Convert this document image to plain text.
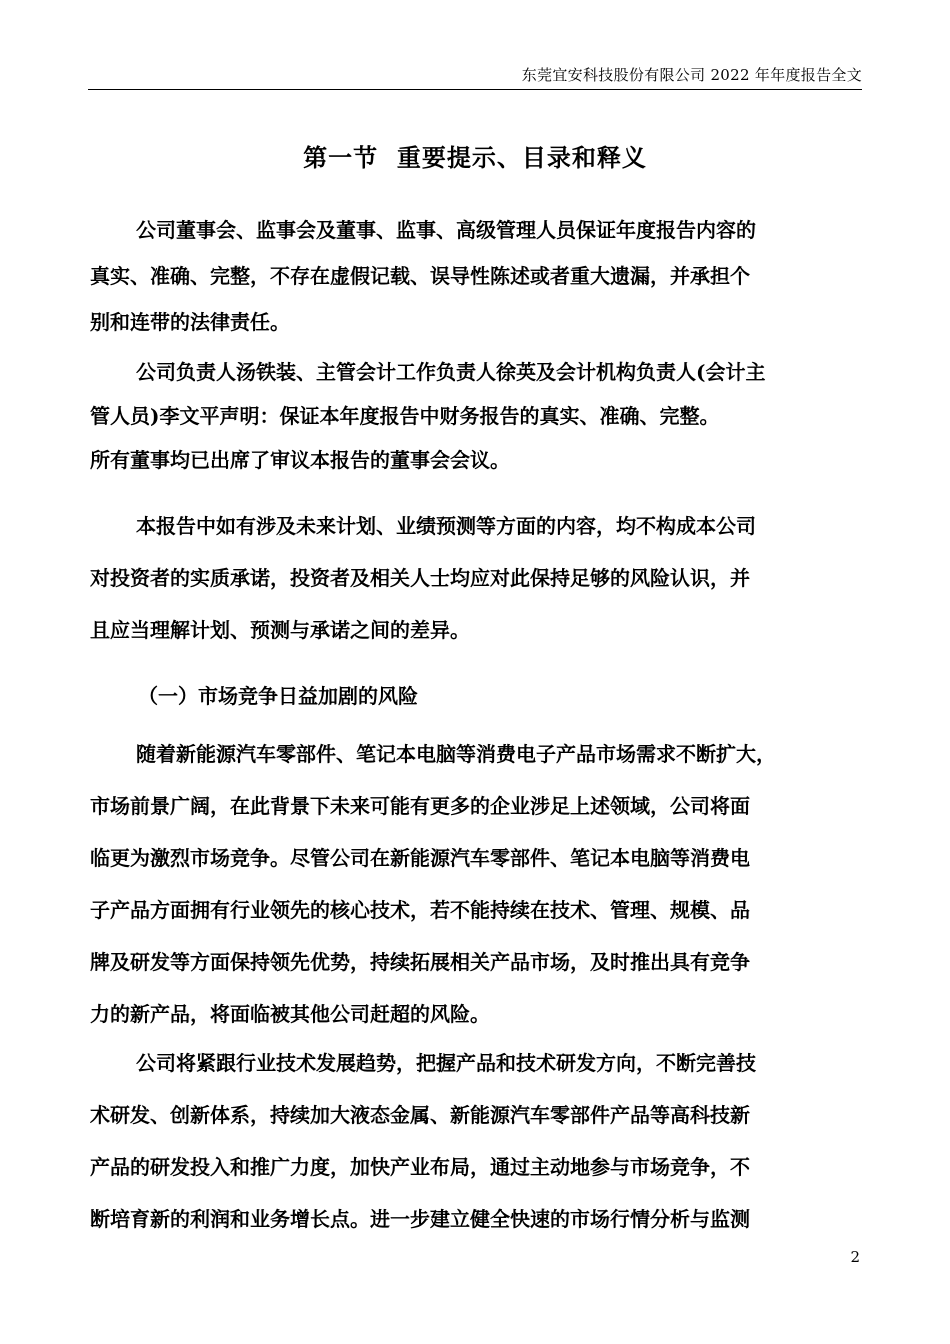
东莞宜安科技股份有限公司 2022 年年度报告全文
第一节  重要提示、目录和释义
公司董事会、监事会及董事、监事、高级管理人员保证年度报告内容的
真实、准确、完整，不存在虚假记载、误导性陈述或者重大遗漏，并承担个
别和连带的法律责任。
公司负责人汤铁装、主管会计工作负责人徐英及会计机构负责人(会计主
管人员)李文平声明：保证本年度报告中财务报告的真实、准确、完整。
所有董事均已出席了审议本报告的董事会会议。
本报告中如有涉及未来计划、业绩预测等方面的内容，均不构成本公司
对投资者的实质承诺，投资者及相关人士均应对此保持足够的风险认识，并
且应当理解计划、预测与承诺之间的差异。
（一）市场竞争日益加剧的风险
随着新能源汽车零部件、笔记本电脑等消费电子产品市场需求不断扩大，
市场前景广阔，在此背景下未来可能有更多的企业涉足上述领域，公司将面
临更为激烈市场竞争。尽管公司在新能源汽车零部件、笔记本电脑等消费电
子产品方面拥有行业领先的核心技术，若不能持续在技术、管理、规模、品
牌及研发等方面保持领先优势，持续拓展相关产品市场，及时推出具有竞争
力的新产品，将面临被其他公司赶超的风险。
公司将紧跟行业技术发展趋势，把握产品和技术研发方向，不断完善技
术研发、创新体系，持续加大液态金属、新能源汽车零部件产品等高科技新
产品的研发投入和推广力度，加快产业布局，通过主动地参与市场竞争，不
断培育新的利润和业务增长点。进一步建立健全快速的市场行情分析与监测
2
